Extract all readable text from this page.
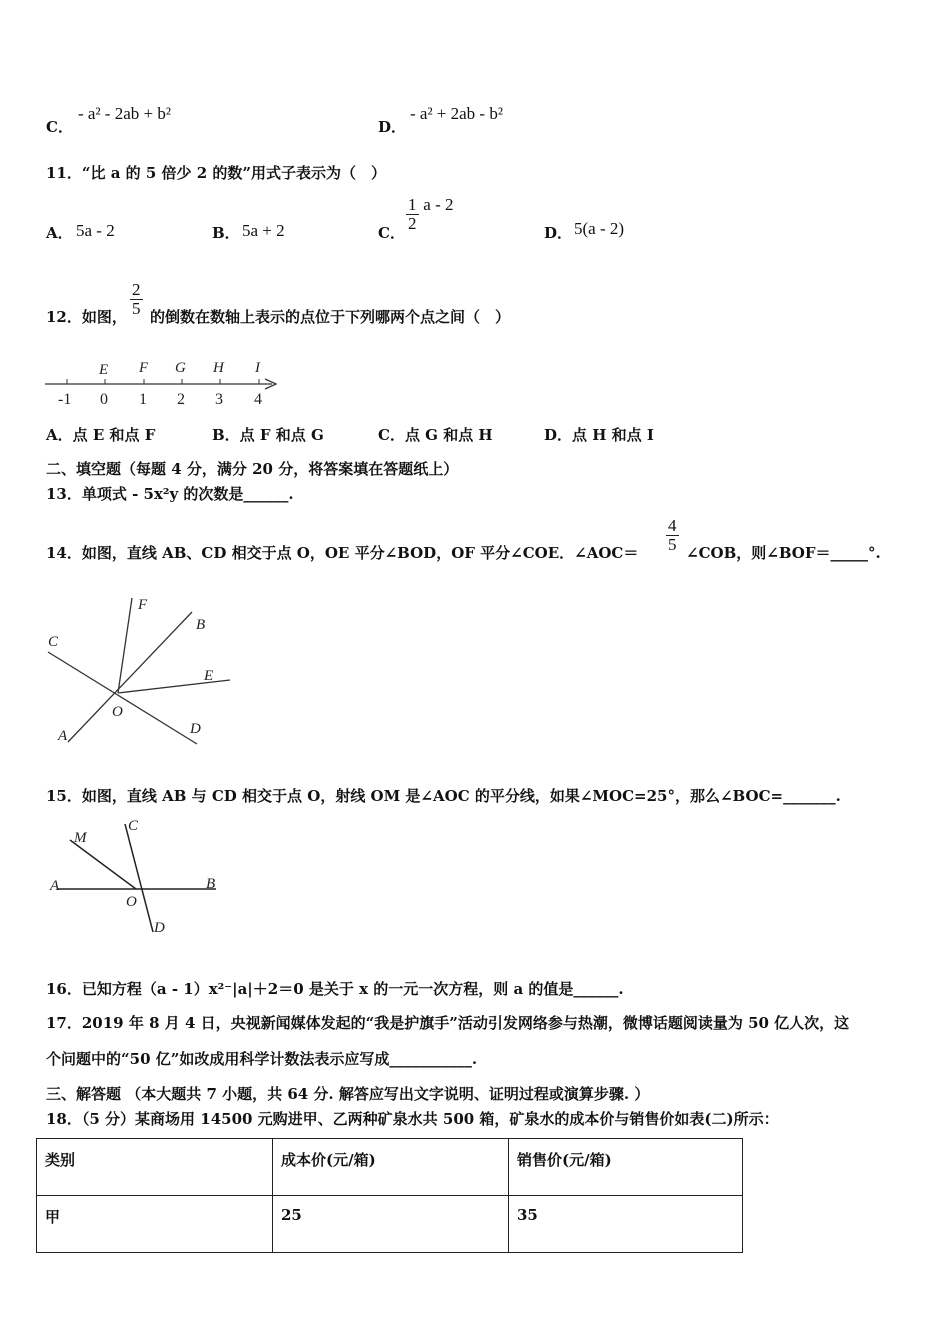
C．
- a² - 2ab + b²
D．
- a² + 2ab - b²
11．“比 a 的 5 倍少 2 的数”用式子表示为（　）
A． 5a - 2	B． 5a + 2	C． $\frac{1}{2}$ a - 2
D． 5(a - 2)
12．如图， $\frac{2}{5}$ 的倒数在数轴上表示的点位于下列哪两个点之间（　）
E F G H I
-1 0 1 2 3 4
A．点 E 和点 F	B．点 F 和点 G	C．点 G 和点 H	D．点 H 和点 I
二、填空题（每题 4 分，满分 20 分，将答案填在答题纸上）
13．单项式 - 5x²y 的次数是______.
14．如图，直线 AB、CD 相交于点 O，OE 平分∠BOD，OF 平分∠COE．∠AOC＝ $\frac{4}{5}$ ∠COB，则∠BOF＝_____°.
F
B
C
E
O
D
A
15．如图，直线 AB 与 CD 相交于点 O，射线 OM 是∠AOC 的平分线，如果∠MOC=25°，那么∠BOC=_______.
M
C
A	B
O
D
16．已知方程（a - 1）x²⁻|a|＋2＝0 是关于 x 的一元一次方程，则 a 的值是______.
17．2019 年 8 月 4 日，央视新闻媒体发起的“我是护旗手”活动引发网络参与热潮，微博话题阅读量为 50 亿人次，这
个问题中的“50 亿”如改成用科学计数法表示应写成___________.
三、解答题 （本大题共 7 小题，共 64 分. 解答应写出文字说明、证明过程或演算步骤. ）
18．（5 分）某商场用 14500 元购进甲、乙两种矿泉水共 500 箱，矿泉水的成本价与销售价如表(二)所示：
类别	成本价(元/箱)	销售价(元/箱)
甲	25	35
